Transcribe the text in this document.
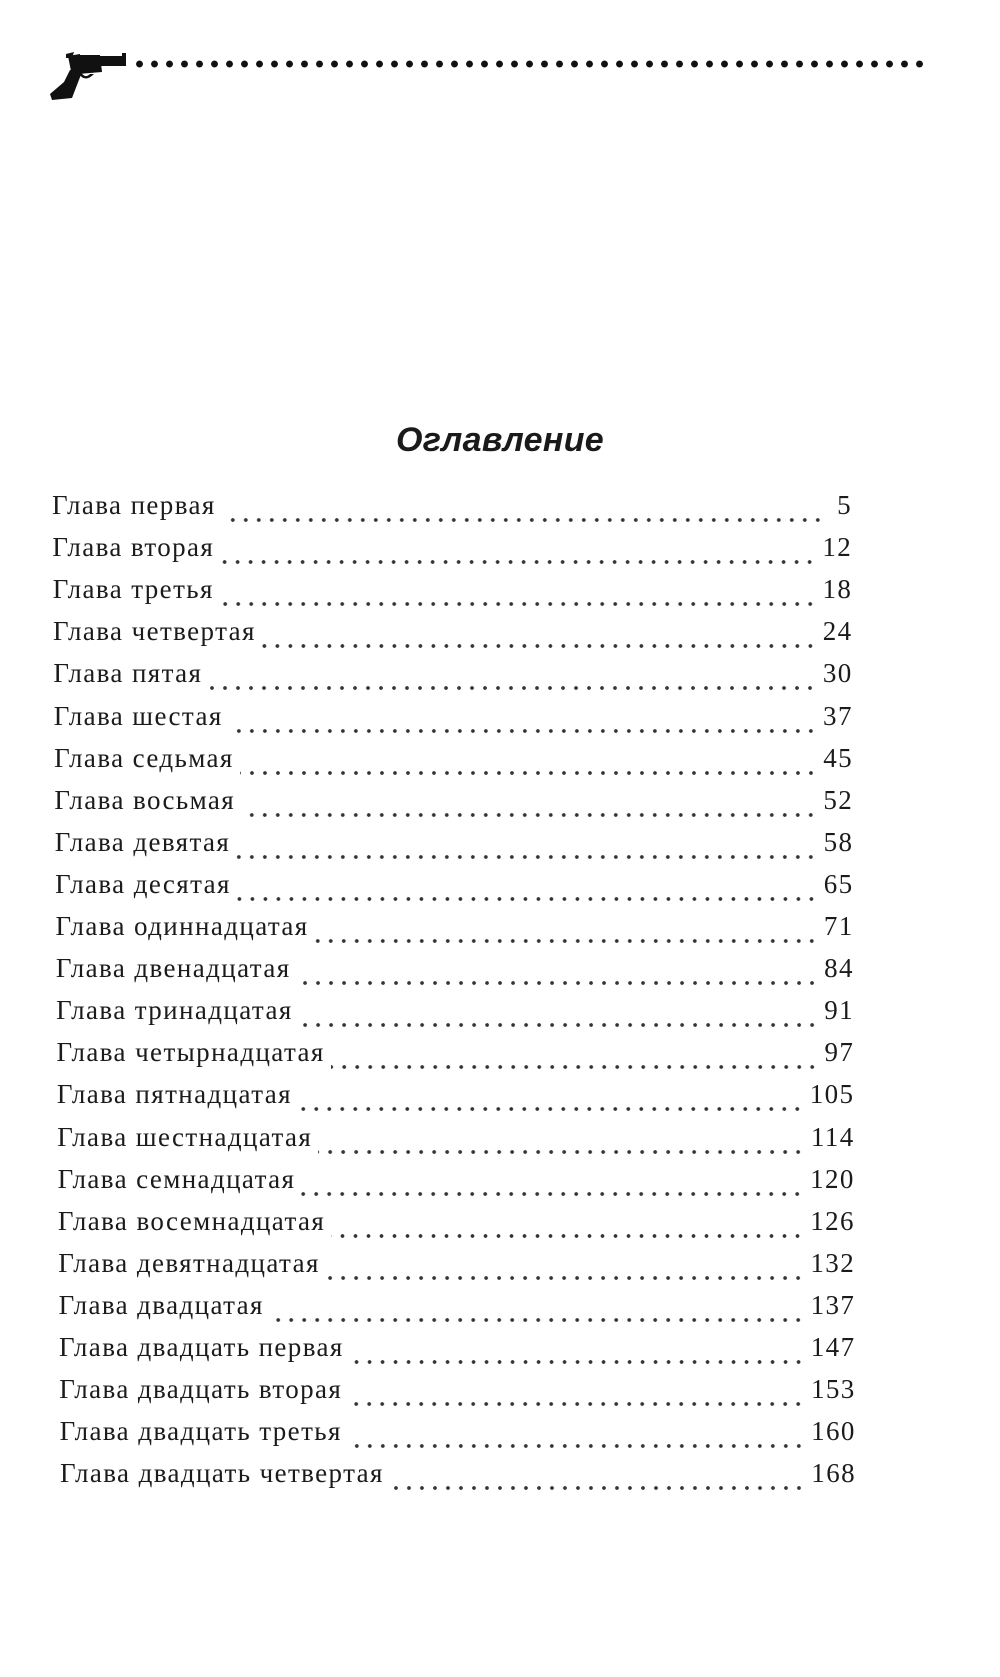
Оглавление
Глава первая	5
Глава вторая	12
Глава третья	18
Глава четвертая	24
Глава пятая	30
Глава шестая	37
Глава седьмая	45
Глава восьмая	52
Глава девятая	58
Глава десятая	65
Глава одиннадцатая	71
Глава двенадцатая	84
Глава тринадцатая	91
Глава четырнадцатая	97
Глава пятнадцатая	105
Глава шестнадцатая	114
Глава семнадцатая	120
Глава восемнадцатая	126
Глава девятнадцатая	132
Глава двадцатая	137
Глава двадцать первая	147
Глава двадцать вторая	153
Глава двадцать третья	160
Глава двадцать четвертая	168
